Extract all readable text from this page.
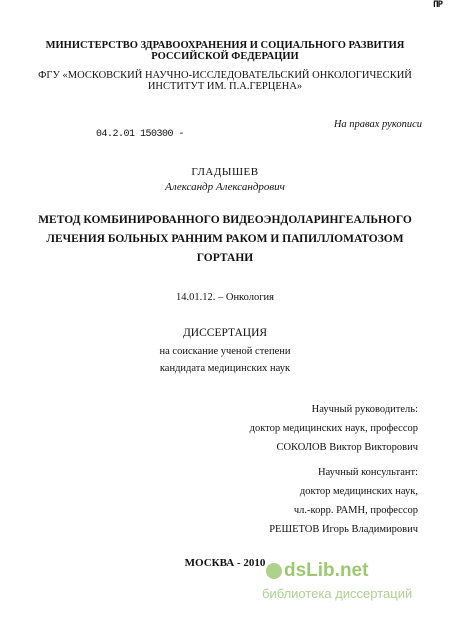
ПР
МИНИСТЕРСТВО ЗДРАВООХРАНЕНИЯ И СОЦИАЛЬНОГО РАЗВИТИЯ
РОССИЙСКОЙ ФЕДЕРАЦИИ
ФГУ «МОСКОВСКИЙ НАУЧНО-ИССЛЕДОВАТЕЛЬСКИЙ ОНКОЛОГИЧЕСКИЙ
ИНСТИТУТ ИМ. П.А.ГЕРЦЕНА»
На правах рукописи
04.2.01 150300 -
ГЛАДЫШЕВ
Александр Александрович
МЕТОД КОМБИНИРОВАННОГО ВИДЕОЭНДОЛАРИНГЕАЛЬНОГО
ЛЕЧЕНИЯ БОЛЬНЫХ РАННИМ РАКОМ И ПАПИЛЛОМАТОЗОМ
ГОРТАНИ
14.01.12. – Онкология
ДИССЕРТАЦИЯ
на соискание ученой степени
кандидата медицинских наук
Научный руководитель:
доктор медицинских наук, профессор
СОКОЛОВ Виктор Викторович
Научный консультант:
доктор медицинских наук,
чл.-корр. РАМН, профессор
РЕШЕТОВ Игорь Владимирович
МОСКВА - 2010 dsLib.net
библиотека диссертаций
